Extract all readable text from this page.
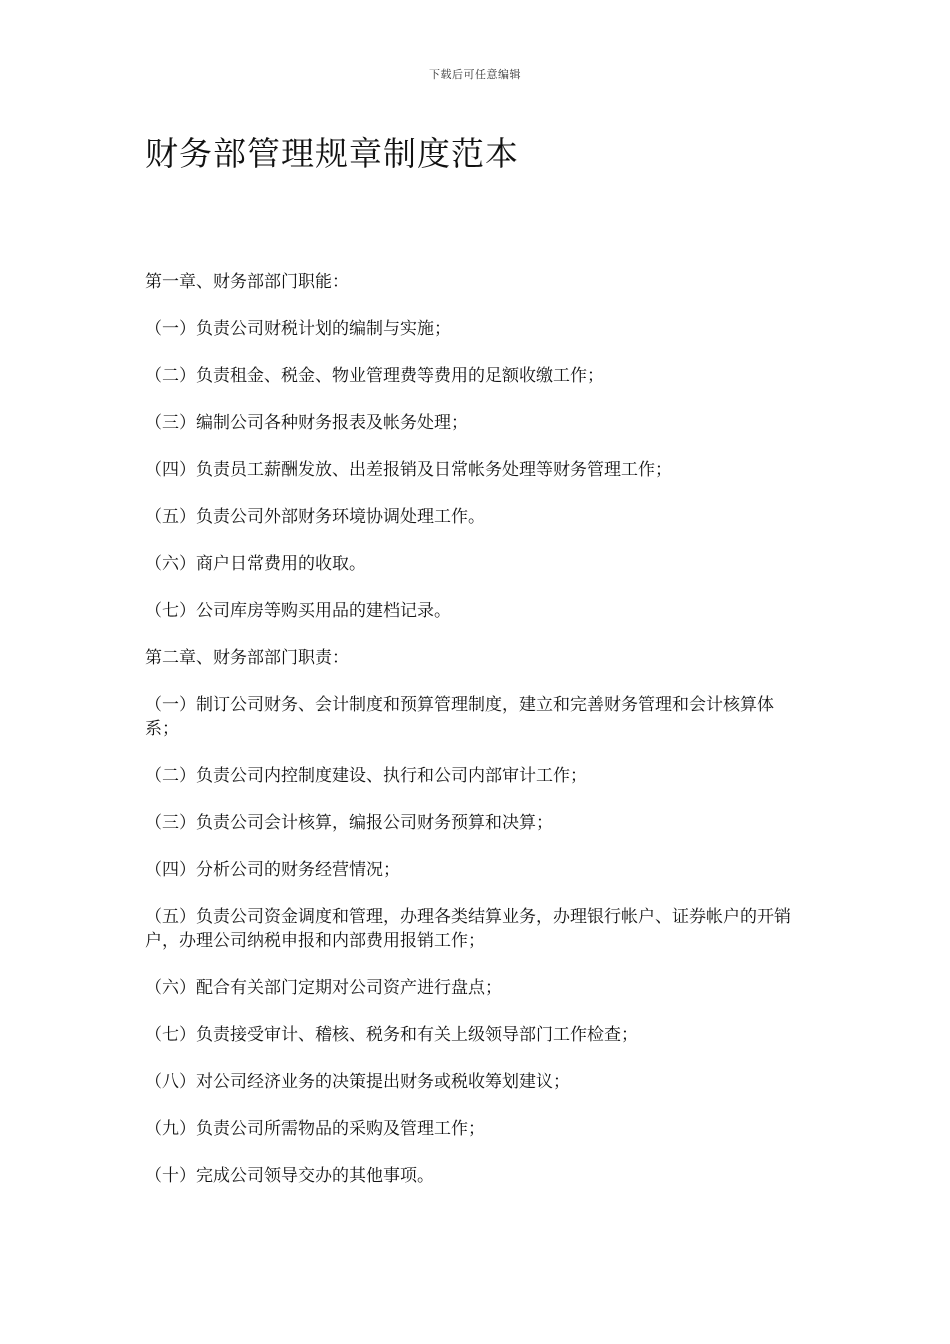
下载后可任意编辑
财务部管理规章制度范本

第一章、财务部部门职能：

（一）负责公司财税计划的编制与实施；

（二）负责租金、税金、物业管理费等费用的足额收缴工作；

（三）编制公司各种财务报表及帐务处理；

（四）负责员工薪酬发放、出差报销及日常帐务处理等财务管理工作；

（五）负责公司外部财务环境协调处理工作。

（六）商户日常费用的收取。

（七）公司库房等购买用品的建档记录。

第二章、财务部部门职责：

（一）制订公司财务、会计制度和预算管理制度，建立和完善财务管理和会计核算体系；

（二）负责公司内控制度建设、执行和公司内部审计工作；

（三）负责公司会计核算，编报公司财务预算和决算；

（四）分析公司的财务经营情况；

（五）负责公司资金调度和管理，办理各类结算业务，办理银行帐户、证券帐户的开销户，办理公司纳税申报和内部费用报销工作；

（六）配合有关部门定期对公司资产进行盘点；

（七）负责接受审计、稽核、税务和有关上级领导部门工作检查；

（八）对公司经济业务的决策提出财务或税收筹划建议；

（九）负责公司所需物品的采购及管理工作；

（十）完成公司领导交办的其他事项。
